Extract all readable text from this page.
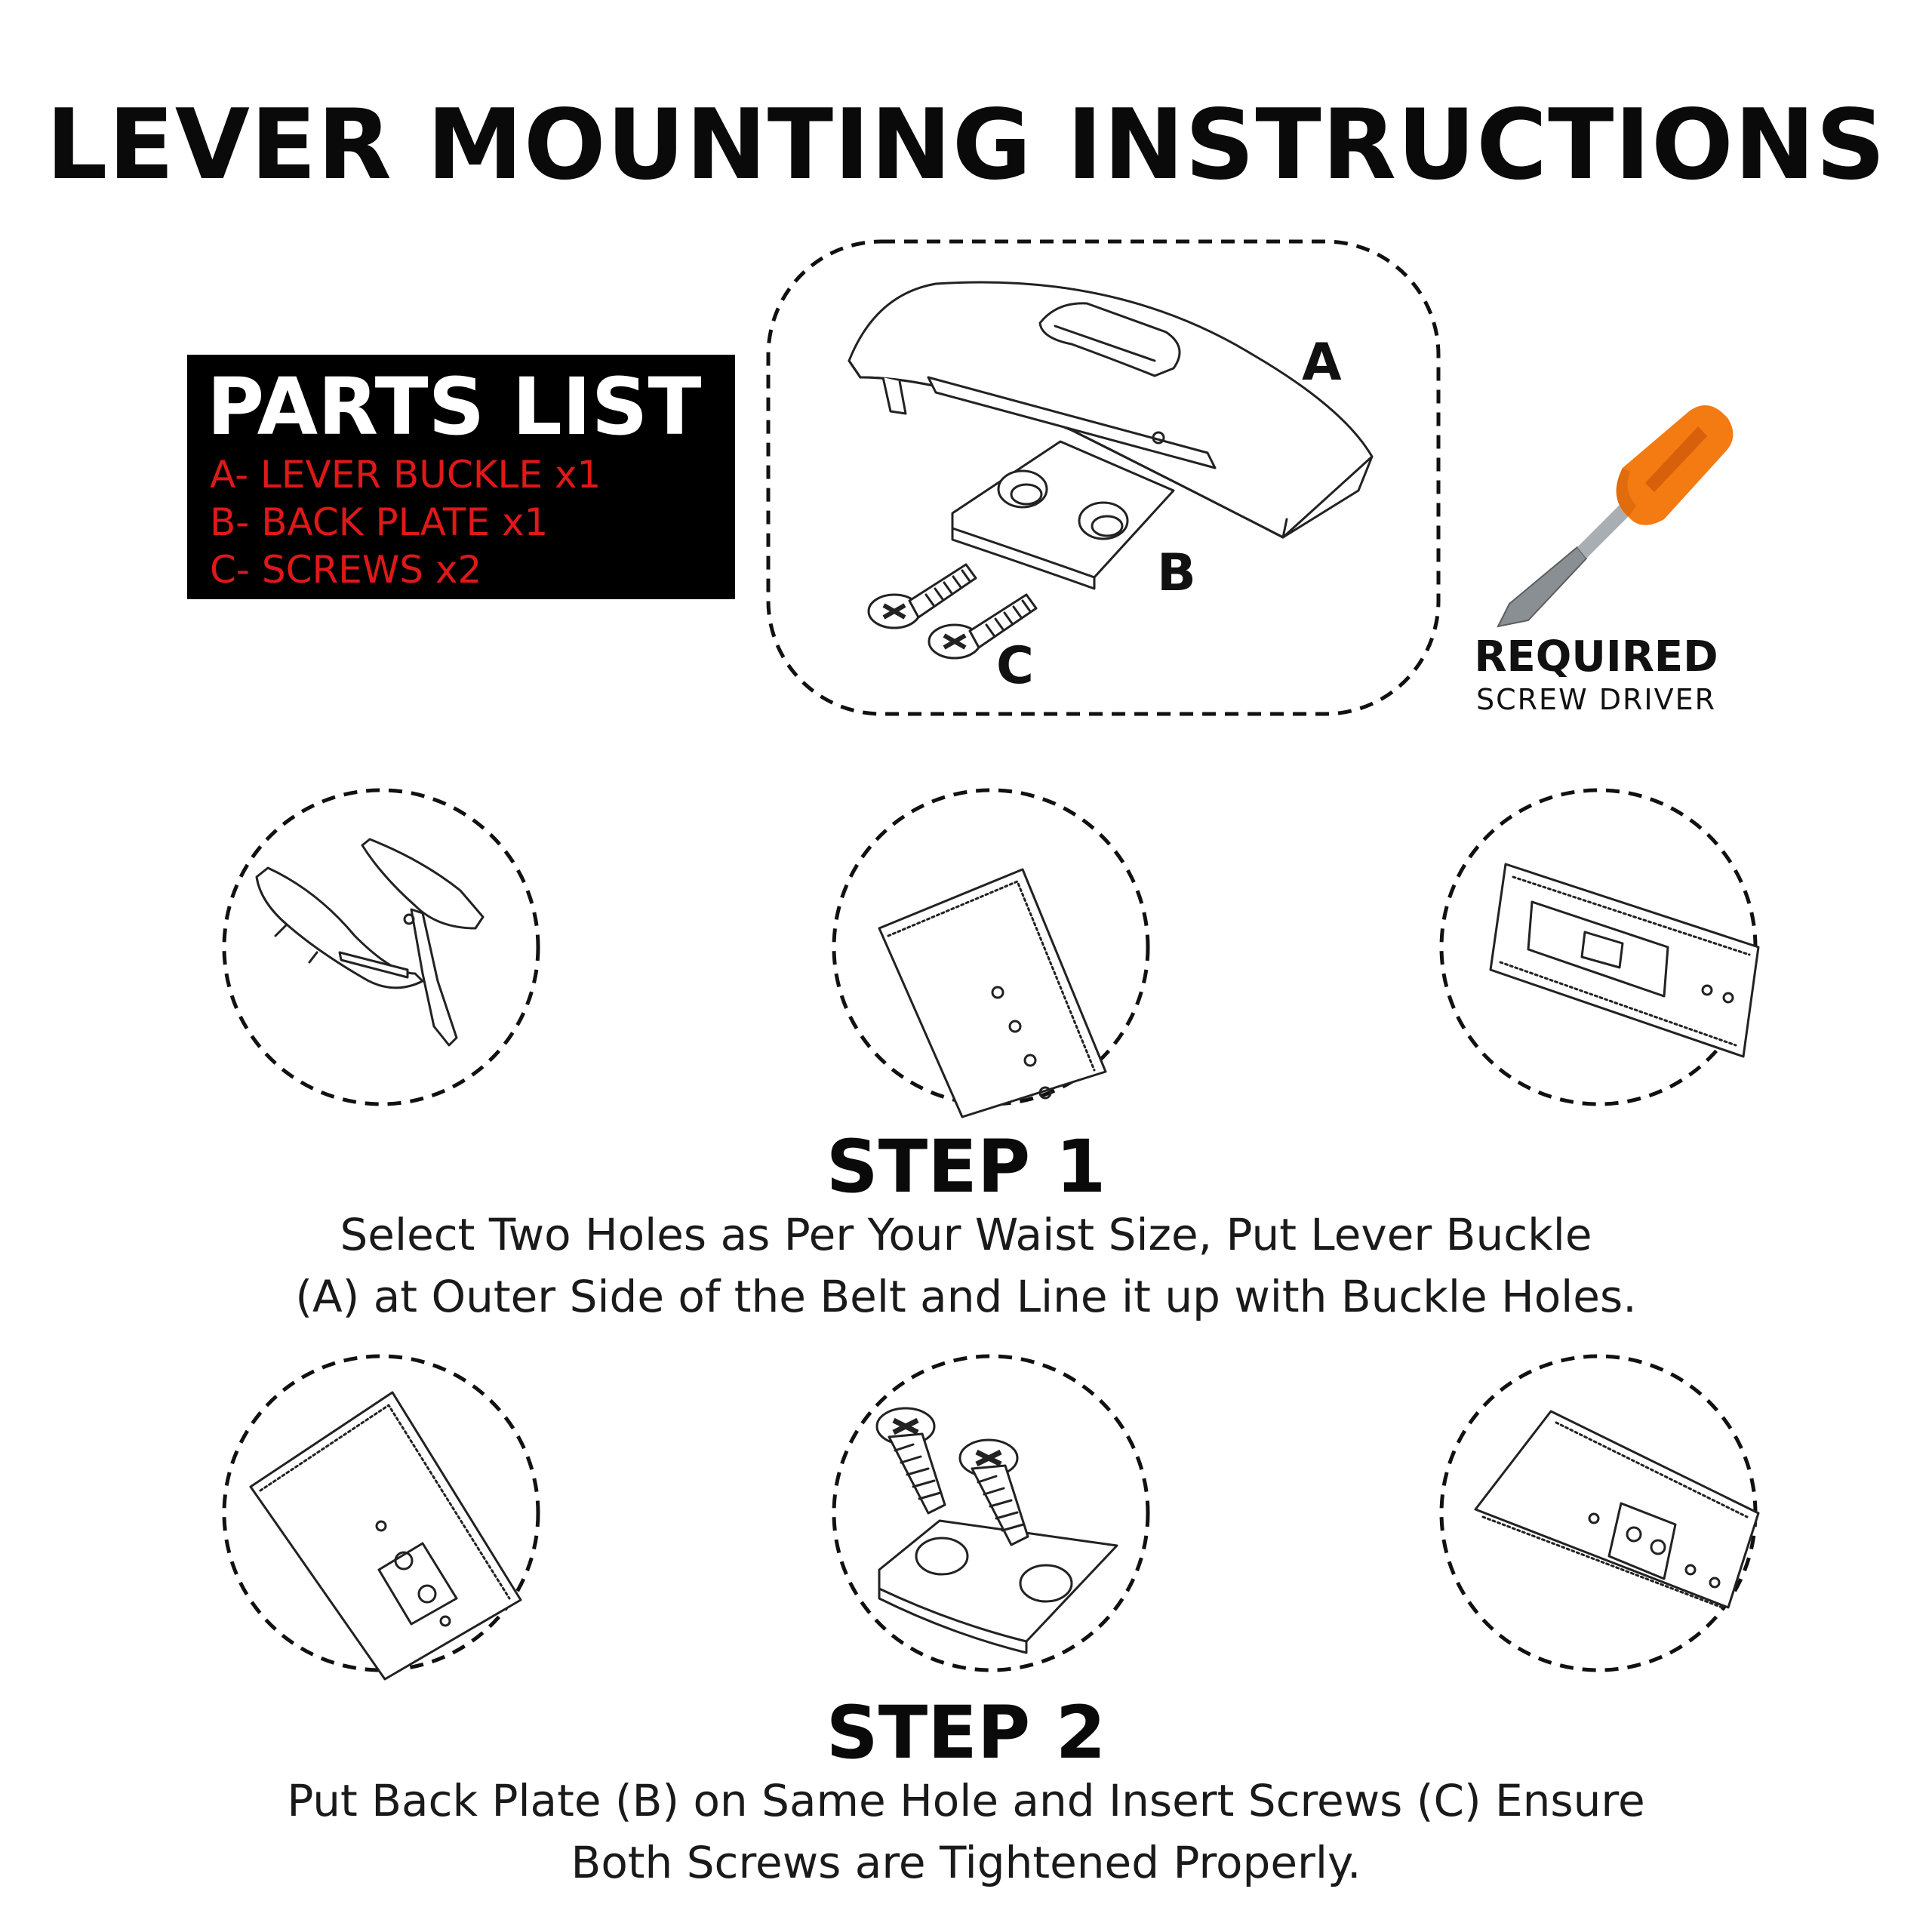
LEVER MOUNTING INSTRUCTIONS
PARTS LIST
A- LEVER BUCKLE x1
B- BACK PLATE x1
C- SCREWS x2
A
B
C	REQUIRED
SCREW DRIVER
STEP 1
Select Two Holes as Per Your Waist Size, Put Lever Buckle
(A) at Outer Side of the Belt and Line it up with Buckle Holes.
STEP 2
Put Back Plate (B) on Same Hole and Insert Screws (C) Ensure
Both Screws are Tightened Properly.
